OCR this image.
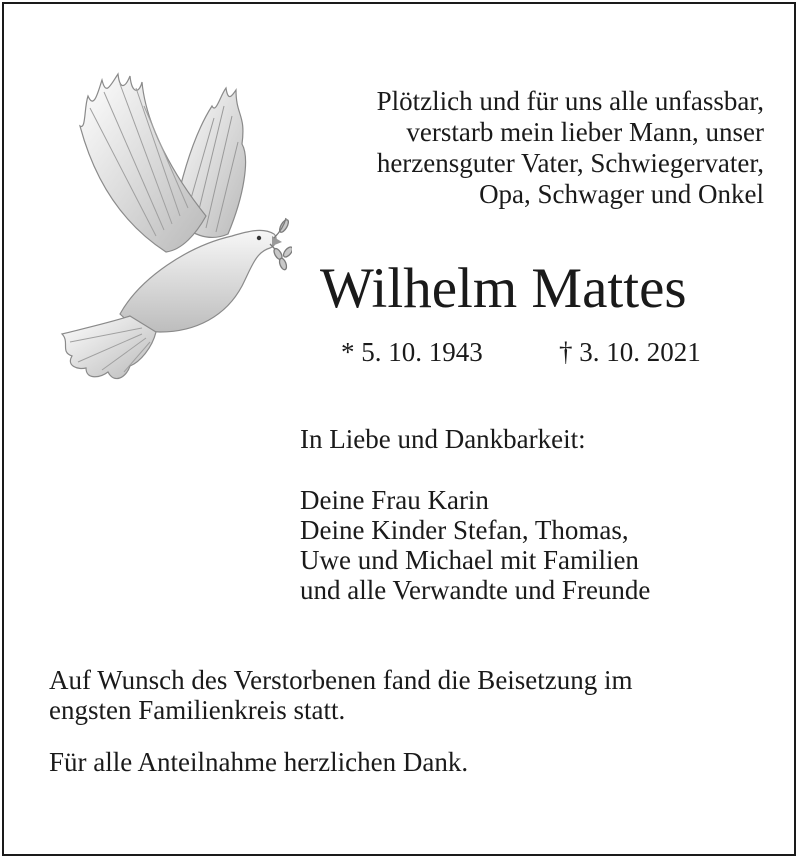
Plötzlich und für uns alle unfassbar,
verstarb mein lieber Mann, unser
herzensguter Vater, Schwiegervater,
Opa, Schwager und Onkel
Wilhelm Mattes
* 5. 10. 1943	† 3. 10. 2021
In Liebe und Dankbarkeit:
Deine Frau Karin
Deine Kinder Stefan, Thomas,
Uwe und Michael mit Familien
und alle Verwandte und Freunde
Auf Wunsch des Verstorbenen fand die Beisetzung im
engsten Familienkreis statt.
Für alle Anteilnahme herzlichen Dank.
